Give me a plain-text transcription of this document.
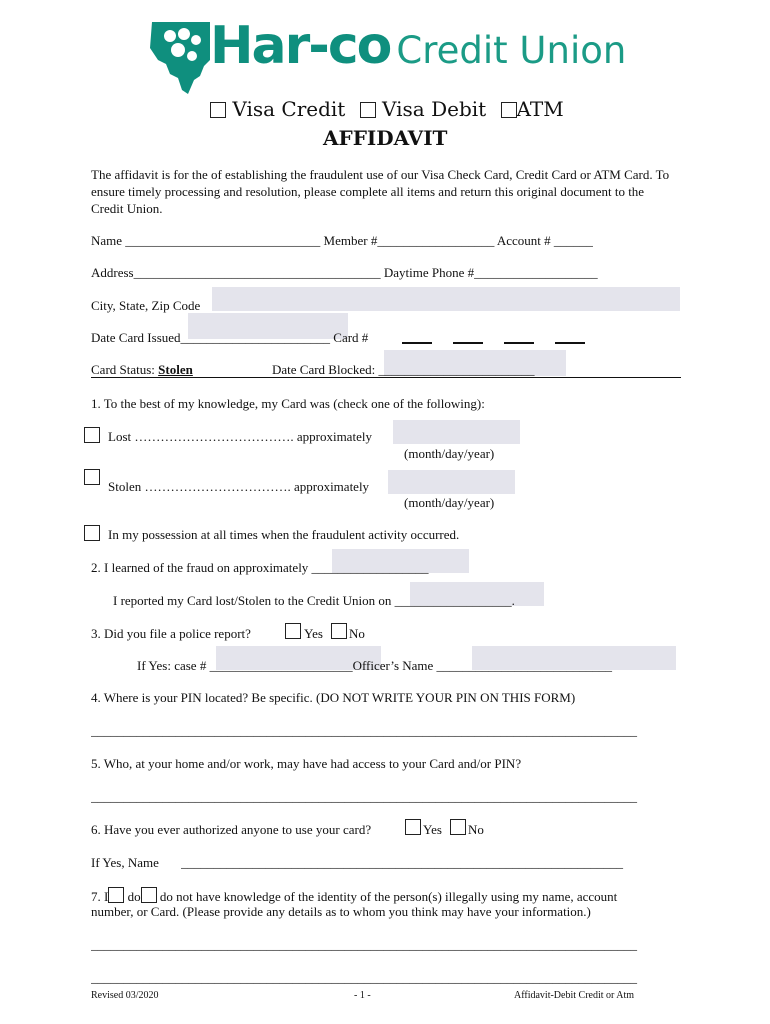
Har-co Credit Union
Visa Credit Visa Debit ATM
AFFIDAVIT
The affidavit is for the of establishing the fraudulent use of our Visa Check Card, Credit Card or ATM Card. To ensure timely processing and resolution, please complete all items and return this original document to the Credit Union.
Name ______________________________ Member #__________________ Account # ______
Address______________________________________ Daytime Phone #___________________
City, State, Zip Code
Date Card Issued_______________________ Card #
Card Status: Stolen	Date Card Blocked: ________________________
1. To the best of my knowledge, my Card was (check one of the following):
Lost ………………………………. approximately
(month/day/year)
Stolen ……………………………. approximately
(month/day/year)
In my possession at all times when the fraudulent activity occurred.
2. I learned of the fraud on approximately __________________
I reported my Card lost/Stolen to the Credit Union on __________________.
3. Did you file a police report?	Yes No
If Yes: case # ______________________Officer’s Name ___________________________
4. Where is your PIN located? Be specific. (DO NOT WRITE YOUR PIN ON THIS FORM)
____________________________________________________________________________________
5. Who, at your home and/or work, may have had access to your Card and/or PIN?
____________________________________________________________________________________
6. Have you ever authorized anyone to use your card?	Yes No
If Yes, Name ____________________________________________________________________
7. I do do not have knowledge of the identity of the person(s) illegally using my name, account
number, or Card. (Please provide any details as to whom you think may have your information.)
____________________________________________________________________________________
____________________________________________________________________________________
Revised 03/2020	- 1 -	Affidavit-Debit Credit or Atm
